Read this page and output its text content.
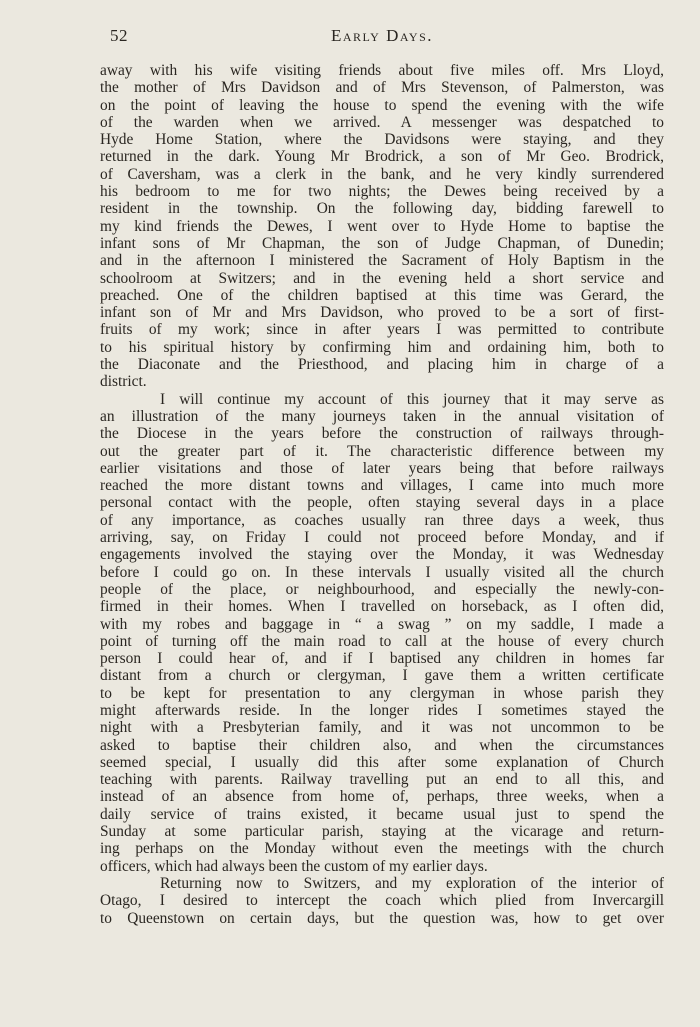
52	Early Days.
away with his wife visiting friends about five miles off. Mrs Lloyd,
the mother of Mrs Davidson and of Mrs Stevenson, of Palmerston, was
on the point of leaving the house to spend the evening with the wife
of the warden when we arrived. A messenger was despatched to
Hyde Home Station, where the Davidsons were staying, and they
returned in the dark. Young Mr Brodrick, a son of Mr Geo. Brodrick,
of Caversham, was a clerk in the bank, and he very kindly surrendered
his bedroom to me for two nights; the Dewes being received by a
resident in the township. On the following day, bidding farewell to
my kind friends the Dewes, I went over to Hyde Home to baptise the
infant sons of Mr Chapman, the son of Judge Chapman, of Dunedin;
and in the afternoon I ministered the Sacrament of Holy Baptism in the
schoolroom at Switzers; and in the evening held a short service and
preached. One of the children baptised at this time was Gerard, the
infant son of Mr and Mrs Davidson, who proved to be a sort of first-
fruits of my work; since in after years I was permitted to contribute
to his spiritual history by confirming him and ordaining him, both to
the Diaconate and the Priesthood, and placing him in charge of a
district.
I will continue my account of this journey that it may serve as
an illustration of the many journeys taken in the annual visitation of
the Diocese in the years before the construction of railways through-
out the greater part of it. The characteristic difference between my
earlier visitations and those of later years being that before railways
reached the more distant towns and villages, I came into much more
personal contact with the people, often staying several days in a place
of any importance, as coaches usually ran three days a week, thus
arriving, say, on Friday I could not proceed before Monday, and if
engagements involved the staying over the Monday, it was Wednesday
before I could go on. In these intervals I usually visited all the church
people of the place, or neighbourhood, and especially the newly-con-
firmed in their homes. When I travelled on horseback, as I often did,
with my robes and baggage in “ a swag ” on my saddle, I made a
point of turning off the main road to call at the house of every church
person I could hear of, and if I baptised any children in homes far
distant from a church or clergyman, I gave them a written certificate
to be kept for presentation to any clergyman in whose parish they
might afterwards reside. In the longer rides I sometimes stayed the
night with a Presbyterian family, and it was not uncommon to be
asked to baptise their children also, and when the circumstances
seemed special, I usually did this after some explanation of Church
teaching with parents. Railway travelling put an end to all this, and
instead of an absence from home of, perhaps, three weeks, when a
daily service of trains existed, it became usual just to spend the
Sunday at some particular parish, staying at the vicarage and return-
ing perhaps on the Monday without even the meetings with the church
officers, which had always been the custom of my earlier days.
Returning now to Switzers, and my exploration of the interior of
Otago, I desired to intercept the coach which plied from Invercargill
to Queenstown on certain days, but the question was, how to get over
